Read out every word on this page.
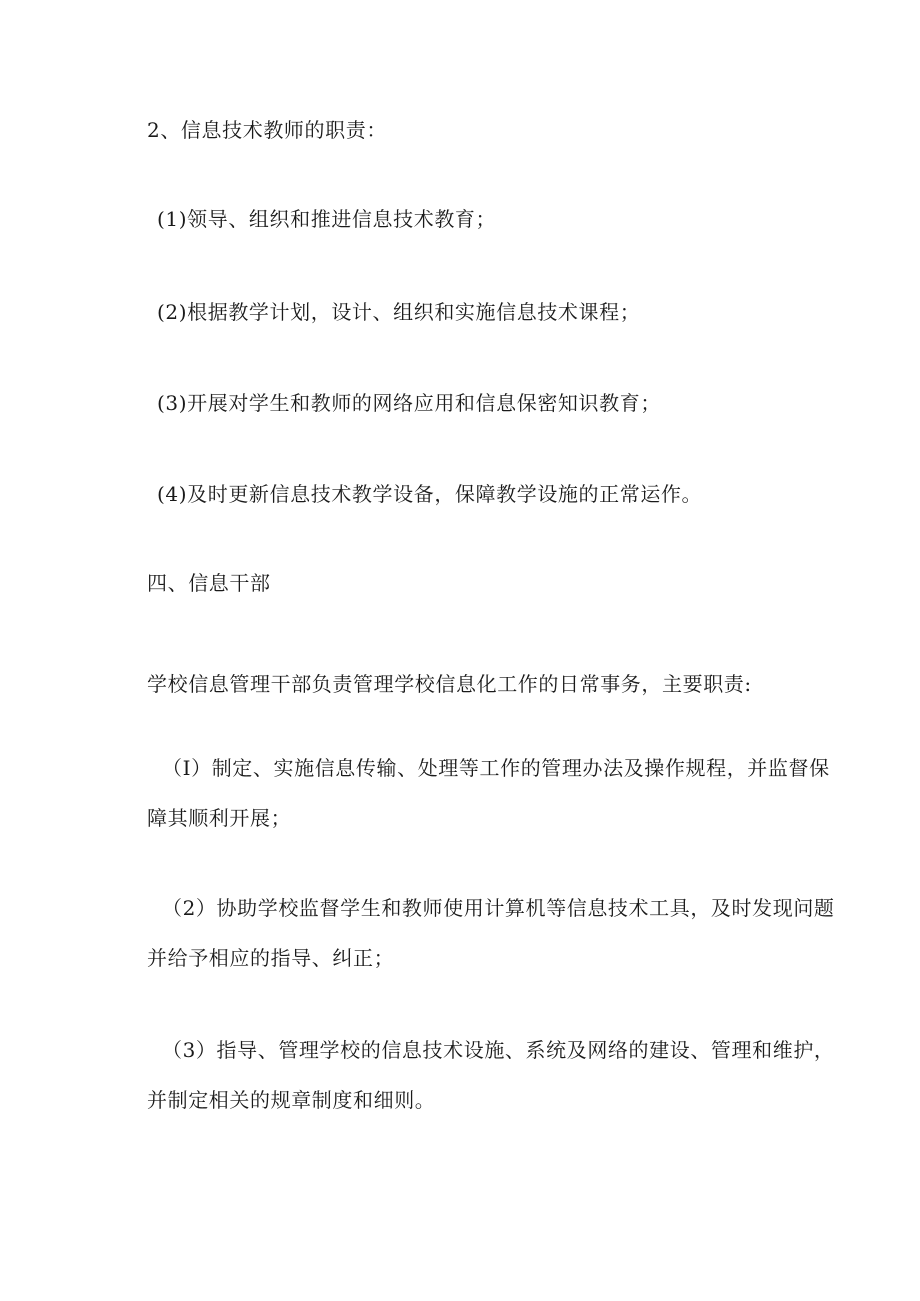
2、信息技术教师的职责：
(1)领导、组织和推进信息技术教育；
(2)根据教学计划，设计、组织和实施信息技术课程；
(3)开展对学生和教师的网络应用和信息保密知识教育；
(4)及时更新信息技术教学设备，保障教学设施的正常运作。
四、信息干部
学校信息管理干部负责管理学校信息化工作的日常事务，主要职责:
（I）制定、实施信息传输、处理等工作的管理办法及操作规程，并监督保
障其顺利开展；
（2）协助学校监督学生和教师使用计算机等信息技术工具，及时发现问题
并给予相应的指导、纠正；
（3）指导、管理学校的信息技术设施、系统及网络的建设、管理和维护，
并制定相关的规章制度和细则。
